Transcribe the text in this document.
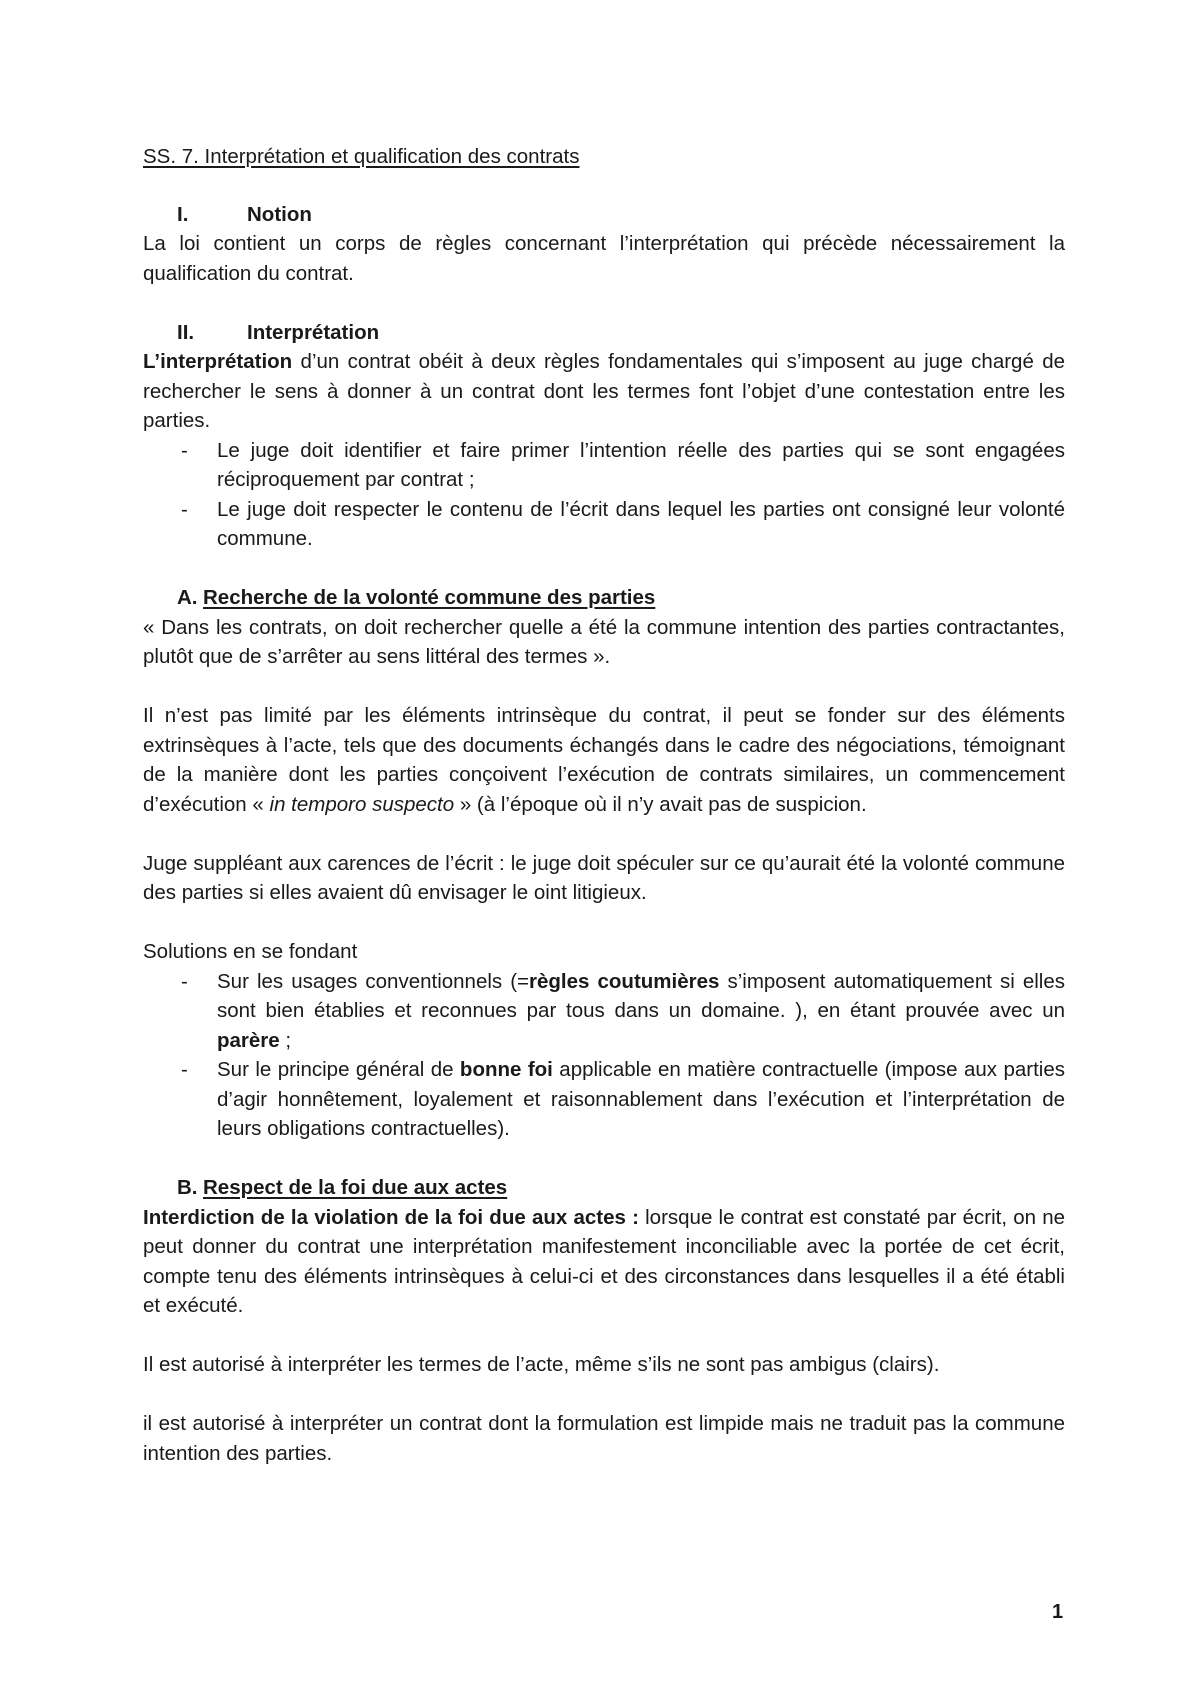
SS. 7. Interprétation et qualification des contrats

I.	Notion

La loi contient un corps de règles concernant l’interprétation qui précède nécessairement la qualification du contrat.

II.	Interprétation

L’interprétation d’un contrat obéit à deux règles fondamentales qui s’imposent au juge chargé de rechercher le sens à donner à un contrat dont les termes font l’objet d’une contestation entre les parties.

- Le juge doit identifier et faire primer l’intention réelle des parties qui se sont engagées réciproquement par contrat ;
- Le juge doit respecter le contenu de l’écrit dans lequel les parties ont consigné leur volonté commune.
A. Recherche de la volonté commune des parties

« Dans les contrats, on doit rechercher quelle a été la commune intention des parties contractantes, plutôt que de s’arrêter au sens littéral des termes ».

Il n’est pas limité par les éléments intrinsèque du contrat, il peut se fonder sur des éléments extrinsèques à l’acte, tels que des documents échangés dans le cadre des négociations, témoignant de la manière dont les parties conçoivent l’exécution de contrats similaires, un commencement d’exécution « in temporo suspecto » (à l’époque où il n’y avait pas de suspicion.

Juge suppléant aux carences de l’écrit : le juge doit spéculer sur ce qu’aurait été la volonté commune des parties si elles avaient dû envisager le oint litigieux.

Solutions en se fondant

- Sur les usages conventionnels (=règles coutumières s’imposent automatiquement si elles sont bien établies et reconnues par tous dans un domaine. ), en étant prouvée avec un parère ;
- Sur le principe général de bonne foi applicable en matière contractuelle (impose aux parties d’agir honnêtement, loyalement et raisonnablement dans l’exécution et l’interprétation de leurs obligations contractuelles).
B. Respect de la foi due aux actes

Interdiction de la violation de la foi due aux actes : lorsque le contrat est constaté par écrit, on ne peut donner du contrat une interprétation manifestement inconciliable avec la portée de cet écrit, compte tenu des éléments intrinsèques à celui-ci et des circonstances dans lesquelles il a été établi et exécuté.

Il est autorisé à interpréter les termes de l’acte, même s’ils ne sont pas ambigus (clairs).

il est autorisé à interpréter un contrat dont la formulation est limpide mais ne traduit pas la commune intention des parties.

1
